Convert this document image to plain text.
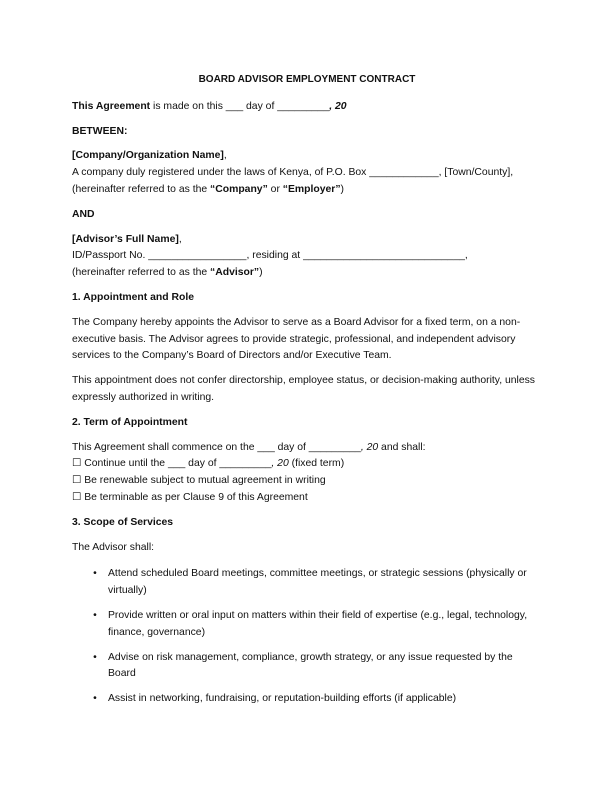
BOARD ADVISOR EMPLOYMENT CONTRACT

This Agreement is made on this ___ day of _________, 20

BETWEEN:

[Company/Organization Name],

A company duly registered under the laws of Kenya, of P.O. Box ____________, [Town/County],

(hereinafter referred to as the “Company” or “Employer”)

AND

[Advisor’s Full Name],

ID/Passport No. _________________, residing at ____________________________,

(hereinafter referred to as the “Advisor”)

1. Appointment and Role

The Company hereby appoints the Advisor to serve as a Board Advisor for a fixed term, on a non-executive basis. The Advisor agrees to provide strategic, professional, and independent advisory services to the Company’s Board of Directors and/or Executive Team.

This appointment does not confer directorship, employee status, or decision-making authority, unless expressly authorized in writing.

2. Term of Appointment

This Agreement shall commence on the ___ day of _________, 20 and shall:

☐ Continue until the ___ day of _________, 20 (fixed term)

☐ Be renewable subject to mutual agreement in writing

☐ Be terminable as per Clause 9 of this Agreement

3. Scope of Services

The Advisor shall:

•	Attend scheduled Board meetings, committee meetings, or strategic sessions (physically or virtually)
•	Provide written or oral input on matters within their field of expertise (e.g., legal, technology, finance, governance)
•	Advise on risk management, compliance, growth strategy, or any issue requested by the Board
•	Assist in networking, fundraising, or reputation-building efforts (if applicable)
